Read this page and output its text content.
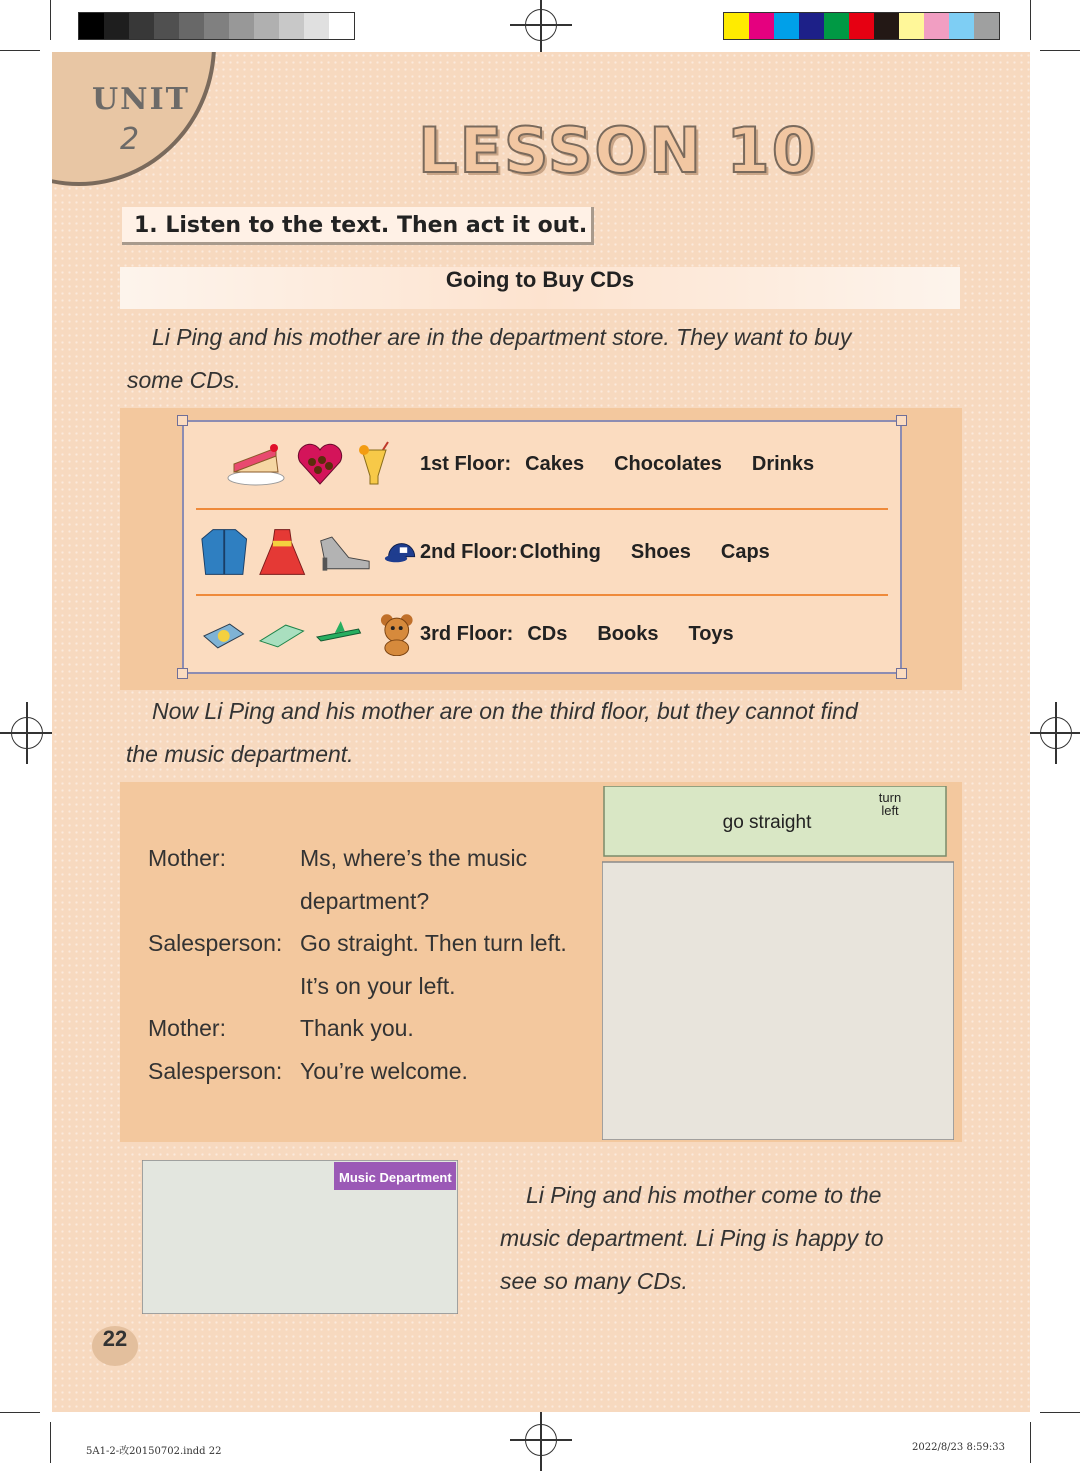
UNIT
2	LESSON 10
1. Listen to the text. Then act it out.
Going to Buy CDs
Li Ping and his mother are in the department store. They want to buy
some CDs.
1st Floor: Cakes Chocolates Drinks
2nd Floor: Clothing Shoes Caps
3rd Floor: CDs Books Toys
Now Li Ping and his mother are on the third floor, but they cannot find
the music department.
Mother:	Ms, where’s the music
department?
Salesperson: Go straight. Then turn left.
It’s on your left.
Mother:	Thank you.
Salesperson: You’re welcome.
go straight
turn
left
Music Department
Li Ping and his mother come to the
music department. Li Ping is happy to
see so many CDs.
22
5A1-2-改20150702.indd 22	2022/8/23 8:59:33
